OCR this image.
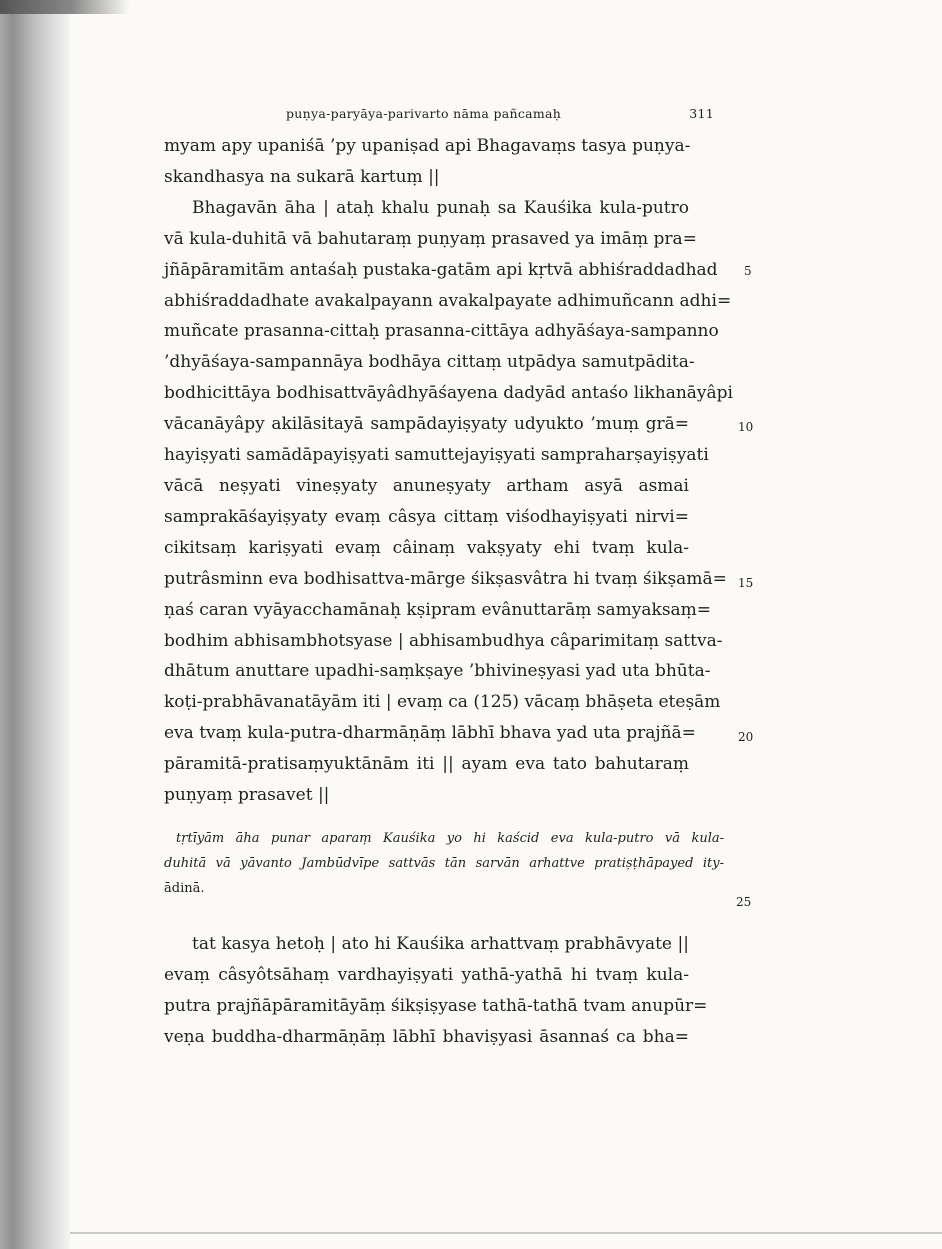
puṇya-paryāya-parivarto nāma pañcamaḥ	311
myam apy upaniśā ’py upaniṣad api Bhagavaṃs tasya puṇya-
skandhasya na sukarā kartuṃ ||
Bhagavān āha | ataḥ khalu punaḥ sa Kauśika kula-putro
vā kula-duhitā vā bahutaraṃ puṇyaṃ prasaved ya imāṃ pra=
jñāpāramitām antaśaḥ pustaka-gatām api kṛtvā abhiśraddadhad
abhiśraddadhate avakalpayann avakalpayate adhimuñcann adhi=
muñcate prasanna-cittaḥ prasanna-cittāya adhyāśaya-sampanno
’dhyāśaya-sampannāya bodhāya cittaṃ utpādya samutpādita-
bodhicittāya bodhisattvāyâdhyāśayena dadyād antaśo likhanāyâpi
vācanāyâpy akilāsitayā sampādayiṣyaty udyukto ’muṃ grā=
hayiṣyati samādāpayiṣyati samuttejayiṣyati sampraharṣayiṣyati
vācā neṣyati vineṣyaty anuneṣyaty artham asyā asmai
samprakāśayiṣyaty evaṃ câsya cittaṃ viśodhayiṣyati nirvi=
cikitsaṃ kariṣyati evaṃ câinaṃ vakṣyaty ehi tvaṃ kula-
putrâsminn eva bodhisattva-mārge śikṣasvâtra hi tvaṃ śikṣamā=
ṇaś caran vyāyacchamānaḥ kṣipram evânuttarāṃ samyaksaṃ=
bodhim abhisambhotsyase | abhisambudhya câparimitaṃ sattva-
dhātum anuttare upadhi-saṃkṣaye ’bhivineṣyasi yad uta bhūta-
koṭi-prabhāvanatāyām iti | evaṃ ca (125) vācaṃ bhāṣeta eteṣām
eva tvaṃ kula-putra-dharmāṇāṃ lābhī bhava yad uta prajñā=
pāramitā-pratisaṃyuktānām iti || ayam eva tato bahutaraṃ
puṇyaṃ prasavet ||
tṛtīyām āha punar aparaṃ Kauśika yo hi kaścid eva kula-putro vā kula-
duhitā vā yāvanto Jambūdvīpe sattvās tān sarvān arhattve pratiṣṭhāpayed ity-
ādinā.
tat kasya hetoḥ | ato hi Kauśika arhattvaṃ prabhāvyate ||
evaṃ câsyôtsāhaṃ vardhayiṣyati yathā-yathā hi tvaṃ kula-
putra prajñāpāramitāyāṃ śikṣiṣyase tathā-tathā tvam anupūr=
veṇa buddha-dharmāṇāṃ lābhī bhaviṣyasi āsannaś ca bha=
5
10
15
20
25
